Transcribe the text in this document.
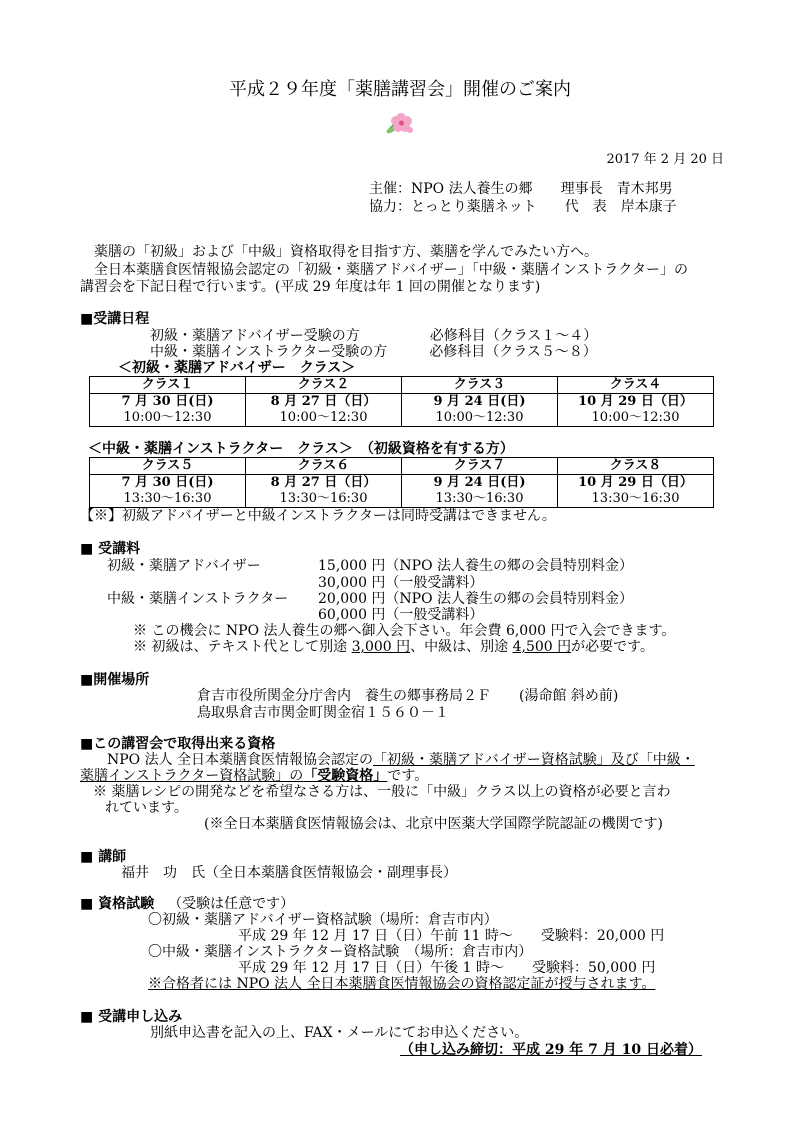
平成２９年度「薬膳講習会」開催のご案内
2017 年 2 月 20 日
主催：NPO 法人養生の郷　　理事長　青木邦男
協力：とっとり薬膳ネット　　代　表　岸本康子
薬膳の「初級」および「中級」資格取得を目指す方、薬膳を学んでみたい方へ。
全日本薬膳食医情報協会認定の「初級・薬膳アドバイザー」「中級・薬膳インストラクター」の
講習会を下記日程で行います。(平成 29 年度は年 1 回の開催となります)
■受講日程
初級・薬膳アドバイザー受験の方　　　　　必修科目（クラス１～４）
中級・薬膳インストラクター受験の方　　　必修科目（クラス５～８）
＜初級・薬膳アドバイザー　クラス＞
クラス１	クラス２	クラス３	クラス４
7 月 30 日(日)	8 月 27 日（日）	9 月 24 日(日)	10 月 29 日（日）
10:00～12:30	10:00～12:30	10:00～12:30	10:00～12:30
＜中級・薬膳インストラクター　クラス＞　（初級資格を有する方）
クラス５	クラス６	クラス７	クラス８
7 月 30 日(日)	8 月 27 日（日）	9 月 24 日(日)	10 月 29 日（日）
13:30～16:30	13:30～16:30	13:30～16:30	13:30～16:30
【※】初級アドバイザーと中級インストラクターは同時受講はできません。
■ 受講料
初級・薬膳アドバイザー	15,000 円（NPO 法人養生の郷の会員特別料金）
30,000 円（一般受講料）
中級・薬膳インストラクター 20,000 円（NPO 法人養生の郷の会員特別料金）
60,000 円（一般受講料）
※ この機会に NPO 法人養生の郷へ御入会下さい。年会費 6,000 円で入会できます。
※ 初級は、テキスト代として別途 3,000 円、中級は、別途 4,500 円が必要です。
■開催場所
倉吉市役所関金分庁舎内　養生の郷事務局２Ｆ　　(湯命館 斜め前)
鳥取県倉吉市関金町関金宿１５６０－１
■この講習会で取得出来る資格
NPO 法人 全日本薬膳食医情報協会認定の「初級・薬膳アドバイザー資格試験」及び「中級・
薬膳インストラクター資格試験」の「受験資格」です。
※ 薬膳レシピの開発などを希望なさる方は、一般に「中級」クラス以上の資格が必要と言わ
れています。
(※全日本薬膳食医情報協会は、北京中医薬大学国際学院認証の機関です)
■ 講師
福井　功　氏（全日本薬膳食医情報協会・副理事長）
■ 資格試験 （受験は任意です）
〇初級・薬膳アドバイザー資格試験（場所：倉吉市内）
平成 29 年 12 月 17 日（日）午前 11 時～　　受験料：20,000 円
〇中級・薬膳インストラクター資格試験　（場所：倉吉市内）
平成 29 年 12 月 17 日（日）午後 1 時～　　受験料：50,000 円
※合格者には NPO 法人 全日本薬膳食医情報協会の資格認定証が授与されます。
■ 受講申し込み
別紙申込書を記入の上、FAX・メールにてお申込ください。
（申し込み締切：平成 29 年 7 月 10 日必着）
